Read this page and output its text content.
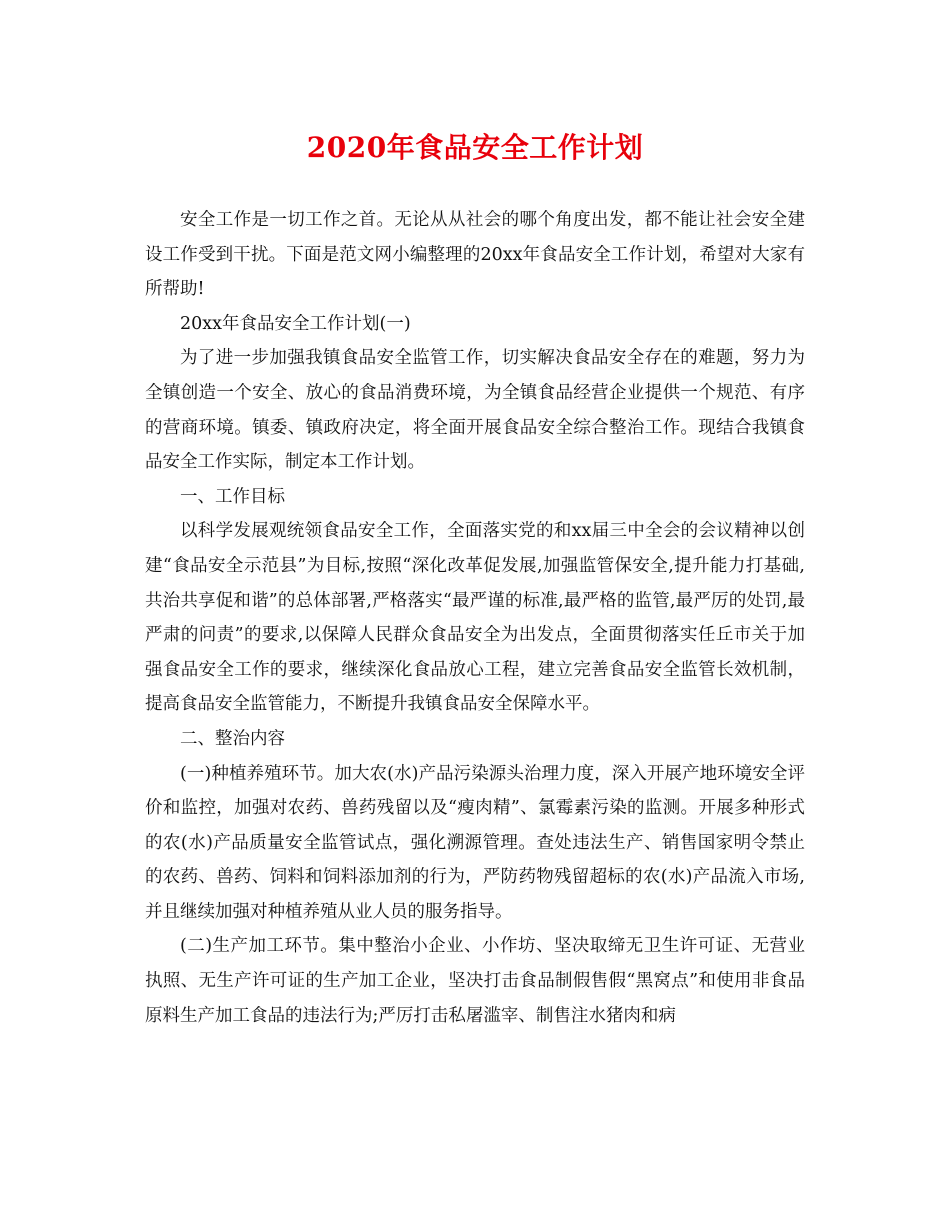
2020年食品安全工作计划

安全工作是一切工作之首。无论从从社会的哪个角度出发，都不能让社会安全建设工作受到干扰。下面是范文网小编整理的20xx年食品安全工作计划，希望对大家有所帮助!

20xx年食品安全工作计划(一)

为了进一步加强我镇食品安全监管工作，切实解决食品安全存在的难题，努力为全镇创造一个安全、放心的食品消费环境，为全镇食品经营企业提供一个规范、有序的营商环境。镇委、镇政府决定，将全面开展食品安全综合整治工作。现结合我镇食品安全工作实际，制定本工作计划。

一、工作目标

以科学发展观统领食品安全工作，全面落实党的和xx届三中全会的会议精神以创建“食品安全示范县”为目标,按照“深化改革促发展,加强监管保安全,提升能力打基础,共治共享促和谐”的总体部署,严格落实“最严谨的标准,最严格的监管,最严厉的处罚,最严肃的问责”的要求,以保障人民群众食品安全为出发点，全面贯彻落实任丘市关于加强食品安全工作的要求，继续深化食品放心工程，建立完善食品安全监管长效机制，提高食品安全监管能力，不断提升我镇食品安全保障水平。

二、整治内容

(一)种植养殖环节。加大农(水)产品污染源头治理力度，深入开展产地环境安全评价和监控，加强对农药、兽药残留以及“瘦肉精”、氯霉素污染的监测。开展多种形式的农(水)产品质量安全监管试点，强化溯源管理。查处违法生产、销售国家明令禁止的农药、兽药、饲料和饲料添加剂的行为，严防药物残留超标的农(水)产品流入市场,并且继续加强对种植养殖从业人员的服务指导。

(二)生产加工环节。集中整治小企业、小作坊、坚决取缔无卫生许可证、无营业执照、无生产许可证的生产加工企业，坚决打击食品制假售假“黑窝点”和使用非食品原料生产加工食品的违法行为;严厉打击私屠滥宰、制售注水猪肉和病
